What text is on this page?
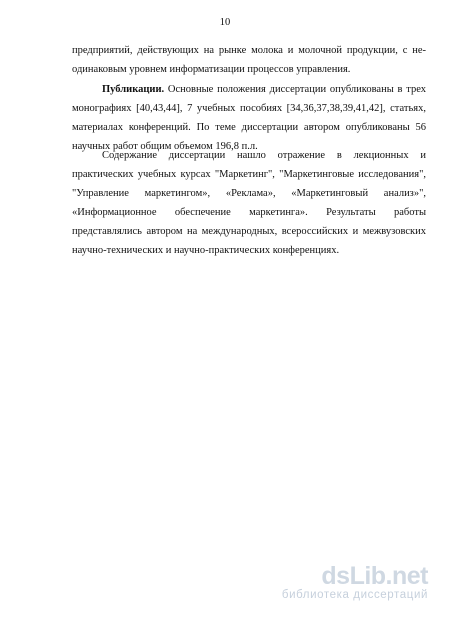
10
предприятий, действующих на рынке молока и молочной продукции, с не-
одинаковым уровнем информатизации процессов управления.
Публикации. Основные положения диссертации опубликованы в трех
монографиях [40,43,44], 7 учебных пособиях [34,36,37,38,39,41,42], статьях,
материалах конференций. По теме диссертации автором опубликованы 56
научных работ общим объемом 196,8 п.л.
Содержание диссертации нашло отражение в лекционных и
практических учебных курсах "Маркетинг", "Маркетинговые исследования",
"Управление маркетингом», «Реклама», «Маркетинговый анализ»",
«Информационное обеспечение маркетинга». Результаты работы
представлялись автором на международных, всероссийских и межвузовских
научно-технических и научно-практических конференциях.
dsLib.net
библиотека диссертаций
